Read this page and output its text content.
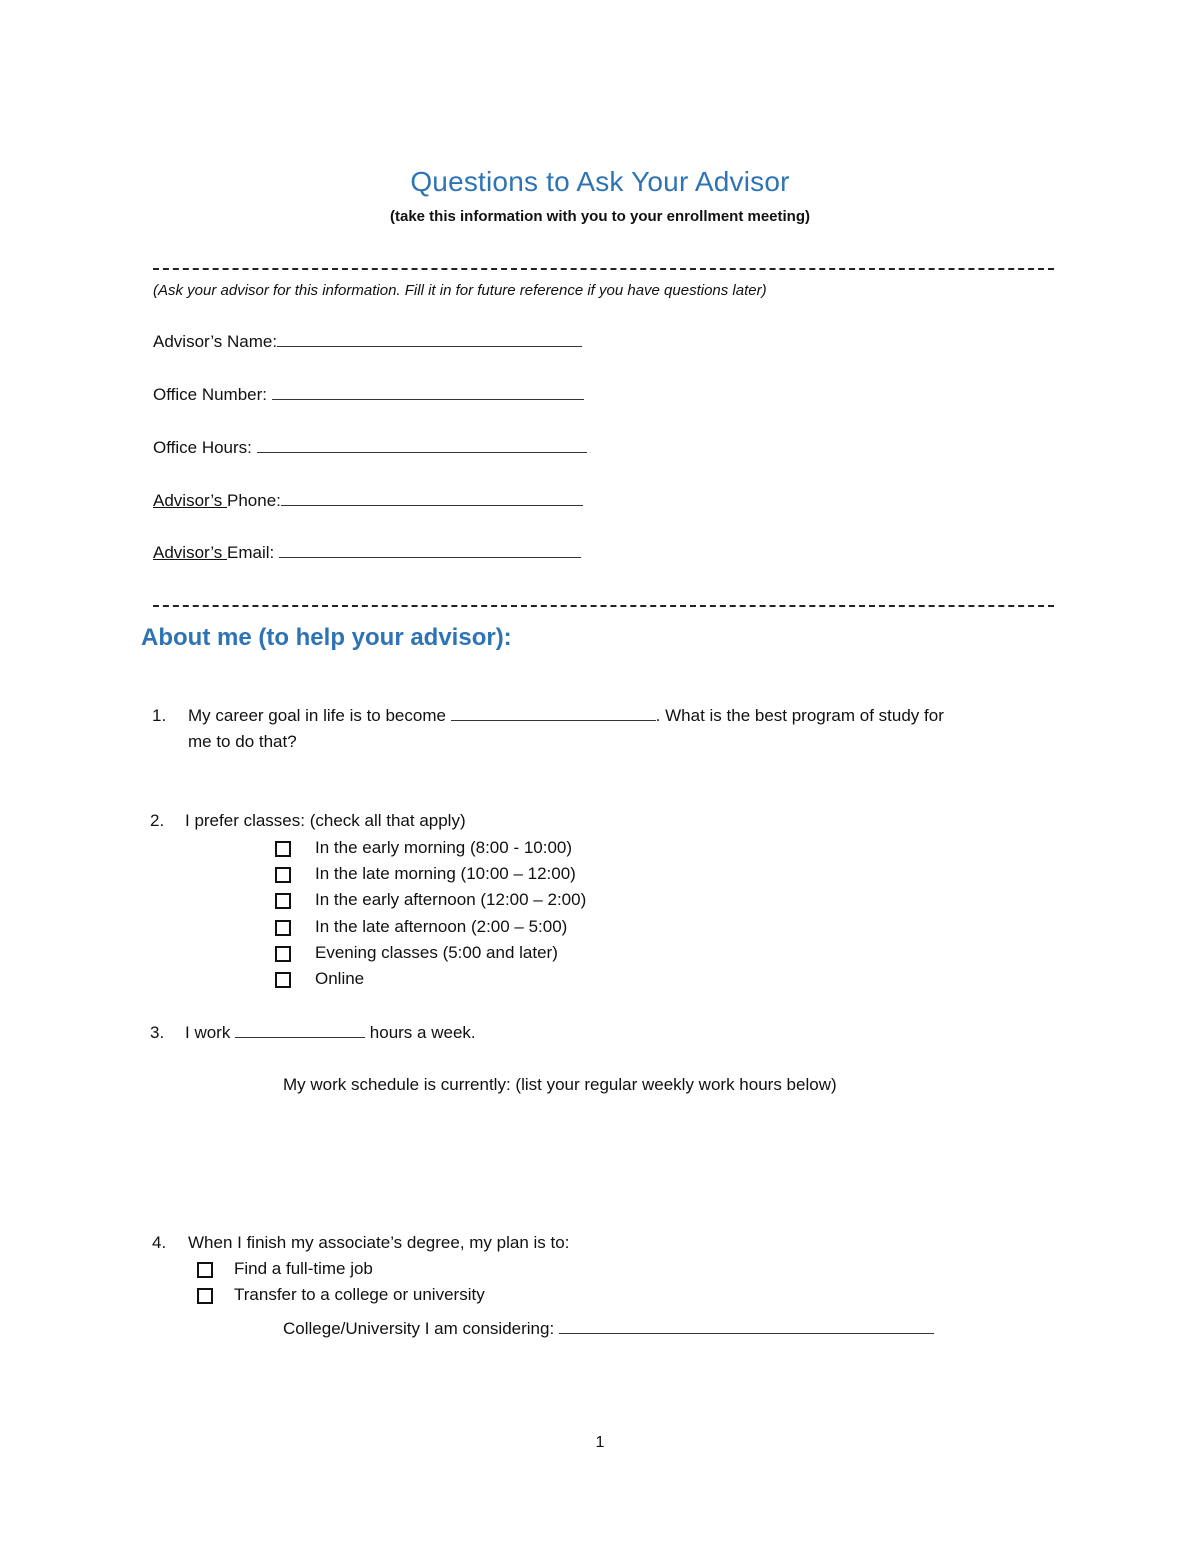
Questions to Ask Your Advisor
(take this information with you to your enrollment meeting)
(Ask your advisor for this information. Fill it in for future reference if you have questions later)
Advisor’s Name:
Office Number:
Office Hours:
Advisor’s Phone:
Advisor’s Email:
About me (to help your advisor):
1. My career goal in life is to become	. What is the best program of study for
me to do that?
2. I prefer classes: (check all that apply)
In the early morning (8:00 - 10:00)
In the late morning (10:00 – 12:00)
In the early afternoon (12:00 – 2:00)
In the late afternoon (2:00 – 5:00)
Evening classes (5:00 and later)
Online
3. I work	hours a week.
My work schedule is currently: (list your regular weekly work hours below)
4. When I finish my associate’s degree, my plan is to:
Find a full-time job
Transfer to a college or university
College/University I am considering:
1
